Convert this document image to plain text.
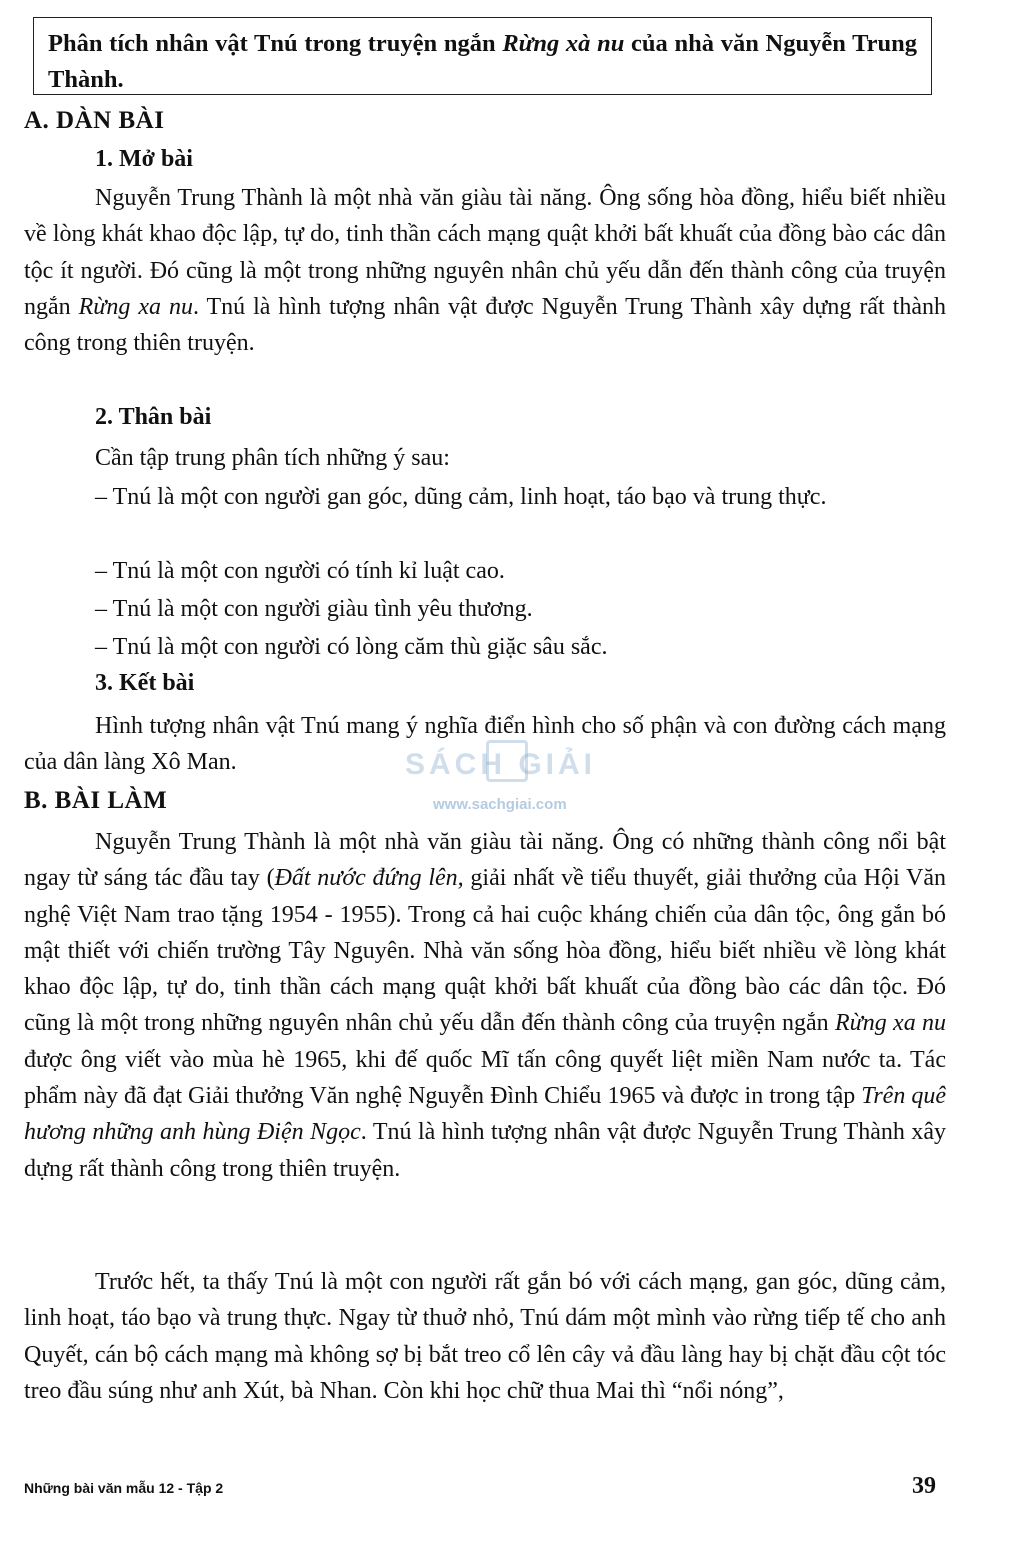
Phân tích nhân vật Tnú trong truyện ngắn Rừng xà nu của nhà văn Nguyễn Trung Thành.
A. DÀN BÀI
1. Mở bài
Nguyễn Trung Thành là một nhà văn giàu tài năng. Ông sống hòa đồng, hiểu biết nhiều về lòng khát khao độc lập, tự do, tinh thần cách mạng quật khởi bất khuất của đồng bào các dân tộc ít người. Đó cũng là một trong những nguyên nhân chủ yếu dẫn đến thành công của truyện ngắn Rừng xa nu. Tnú là hình tượng nhân vật được Nguyễn Trung Thành xây dựng rất thành công trong thiên truyện.
2. Thân bài
Cần tập trung phân tích những ý sau:
– Tnú là một con người gan góc, dũng cảm, linh hoạt, táo bạo và trung thực.
– Tnú là một con người có tính kỉ luật cao.
– Tnú là một con người giàu tình yêu thương.
– Tnú là một con người có lòng căm thù giặc sâu sắc.
3. Kết bài
Hình tượng nhân vật Tnú mang ý nghĩa điển hình cho số phận và con đường cách mạng của dân làng Xô Man.	SÁCH GIẢI
www.sachgiai.com
B. BÀI LÀM
Nguyễn Trung Thành là một nhà văn giàu tài năng. Ông có những thành công nổi bật ngay từ sáng tác đầu tay (Đất nước đứng lên, giải nhất về tiểu thuyết, giải thưởng của Hội Văn nghệ Việt Nam trao tặng 1954 - 1955). Trong cả hai cuộc kháng chiến của dân tộc, ông gắn bó mật thiết với chiến trường Tây Nguyên. Nhà văn sống hòa đồng, hiểu biết nhiều về lòng khát khao độc lập, tự do, tinh thần cách mạng quật khởi bất khuất của đồng bào các dân tộc. Đó cũng là một trong những nguyên nhân chủ yếu dẫn đến thành công của truyện ngắn Rừng xa nu được ông viết vào mùa hè 1965, khi đế quốc Mĩ tấn công quyết liệt miền Nam nước ta. Tác phẩm này đã đạt Giải thưởng Văn nghệ Nguyễn Đình Chiểu 1965 và được in trong tập Trên quê hương những anh hùng Điện Ngọc. Tnú là hình tượng nhân vật được Nguyễn Trung Thành xây dựng rất thành công trong thiên truyện.
Trước hết, ta thấy Tnú là một con người rất gắn bó với cách mạng, gan góc, dũng cảm, linh hoạt, táo bạo và trung thực. Ngay từ thuở nhỏ, Tnú dám một mình vào rừng tiếp tế cho anh Quyết, cán bộ cách mạng mà không sợ bị bắt treo cổ lên cây vả đầu làng hay bị chặt đầu cột tóc treo đầu súng như anh Xút, bà Nhan. Còn khi học chữ thua Mai thì “nổi nóng”,
Những bài văn mẫu 12 - Tập 2	39
